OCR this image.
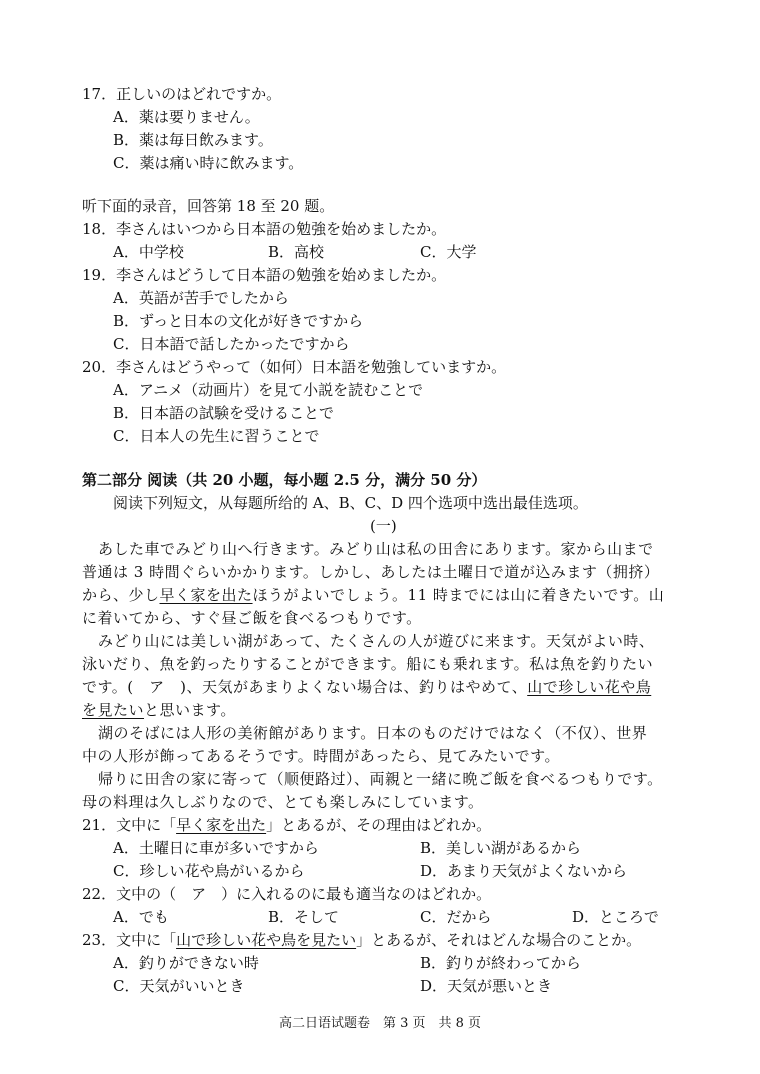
17．正しいのはどれですか。
A．薬は要りません。
B．薬は毎日飲みます。
C．薬は痛い時に飲みます。
听下面的录音，回答第 18 至 20 题。
18．李さんはいつから日本語の勉強を始めましたか。
A．中学校	B．高校	C．大学
19．李さんはどうして日本語の勉強を始めましたか。
A．英語が苦手でしたから
B．ずっと日本の文化が好きですから
C．日本語で話したかったですから
20．李さんはどうやって（如何）日本語を勉強していますか。
A．アニメ（动画片）を見て小説を読むことで
B．日本語の試験を受けることで
C．日本人の先生に習うことで
第二部分 阅读（共 20 小题，每小题 2.5 分，满分 50 分）
阅读下列短文，从每题所给的 A、B、C、D 四个选项中选出最佳选项。
(一)
あした車でみどり山へ行きます。みどり山は私の田舎にあります。家から山まで
普通は 3 時間ぐらいかかります。しかし、あしたは土曜日で道が込みます（拥挤）
から、少し早く家を出たほうがよいでしょう。11 時までには山に着きたいです。山
に着いてから、すぐ昼ご飯を食べるつもりです。
みどり山には美しい湖があって、たくさんの人が遊びに来ます。天気がよい時、
泳いだり、魚を釣ったりすることができます。船にも乗れます。私は魚を釣りたい
です。(　ア　)、天気があまりよくない場合は、釣りはやめて、山で珍しい花や鳥
を見たいと思います。
湖のそばには人形の美術館があります。日本のものだけではなく（不仅）、世界
中の人形が飾ってあるそうです。時間があったら、見てみたいです。
帰りに田舎の家に寄って（顺便路过）、両親と一緒に晩ご飯を食べるつもりです。
母の料理は久しぶりなので、とても楽しみにしています。
21．文中に「早く家を出た」とあるが、その理由はどれか。
A．土曜日に車が多いですから	B．美しい湖があるから
C．珍しい花や鳥がいるから	D．あまり天気がよくないから
22．文中の（　ア　）に入れるのに最も適当なのはどれか。
A．でも	B．そして	C．だから	D．ところで
23．文中に「山で珍しい花や鳥を見たい」とあるが、それはどんな場合のことか。
A．釣りができない時	B．釣りが終わってから
C．天気がいいとき	D．天気が悪いとき
高二日语试题卷　第 3 页　共 8 页
